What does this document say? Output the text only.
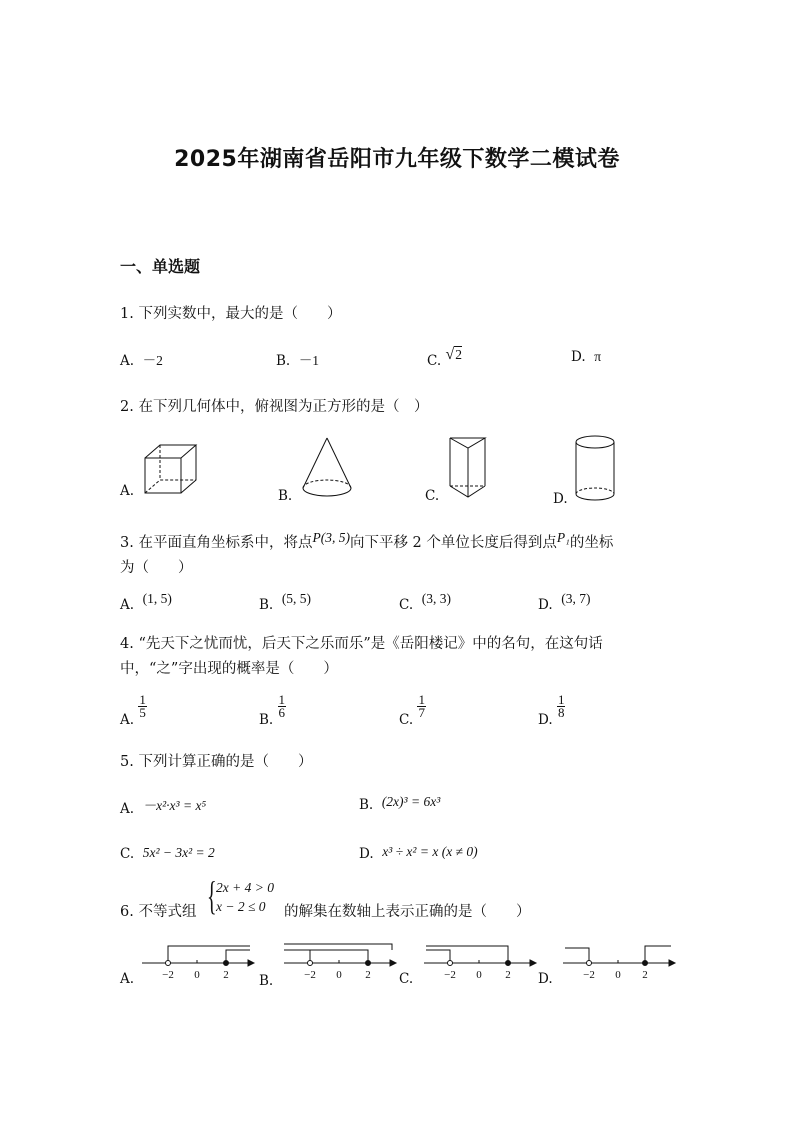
2025年湖南省岳阳市九年级下数学二模试卷
一、单选题
1. 下列实数中，最大的是（　　）
A. －2	B. －1	C. √2	D. π
2. 在下列几何体中，俯视图为正方形的是（　）
A.	B.	C.	D.
3. 在平面直角坐标系中，将点P(3, 5)向下平移 2 个单位长度后得到点P₁的坐标
为（　　）
A. (1, 5)	B. (5, 5)	C. (3, 3)	D. (3, 7)
4. “先天下之忧而忧，后天下之乐而乐”是《岳阳楼记》中的名句，在这句话
中，“之”字出现的概率是（　　）
A.
$\frac{1}{5}$
B.
$\frac{1}{6}$
C.
$\frac{1}{7}$
D.
$\frac{1}{8}$
5. 下列计算正确的是（　　）
A. －x²·x³ = x⁵	B. (2x)³ = 6x³
C. 5x² − 3x² = 2	D. x³ ÷ x² = x (x ≠ 0)
6. 不等式组 { 2x + 4 > 0
x − 2 ≤ 0 的解集在数轴上表示正确的是（　　）
A.	B.	C.	D.
−2 0 2	−2 0 2	−2 0 2	−2 0 2
